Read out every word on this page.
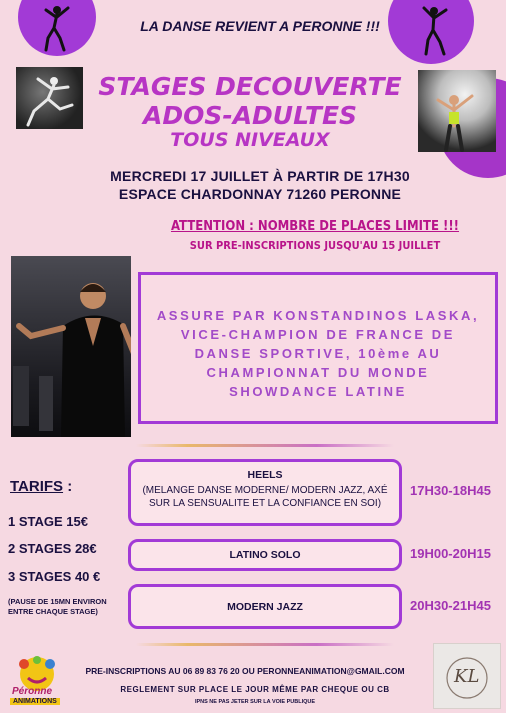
LA DANSE REVIENT A PERONNE !!!
STAGES DECOUVERTE
ADOS-ADULTES
TOUS NIVEAUX
MERCREDI 17 JUILLET À PARTIR DE 17H30
ESPACE CHARDONNAY 71260 PERONNE
ATTENTION : NOMBRE DE PLACES LIMITE !!!
SUR PRE-INSCRIPTIONS JUSQU'AU 15 JUILLET
ASSURE PAR KONSTANDINOS LASKA, VICE-CHAMPION DE FRANCE DE DANSE SPORTIVE, 10ème AU CHAMPIONNAT DU MONDE SHOWDANCE LATINE
TARIFS :
1 STAGE 15€
2 STAGES 28€
3 STAGES 40 €
(PAUSE DE 15MN ENVIRON
ENTRE CHAQUE STAGE)
HEELS
(MELANGE DANSE MODERNE/ MODERN JAZZ, AXÉ
SUR LA SENSUALITE ET LA CONFIANCE EN SOI)
17H30-18H45
LATINO SOLO	19H00-20H15
MODERN JAZZ	20H30-21H45
Péronne
ANIMATIONS
PRE-INSCRIPTIONS AU 06 89 83 76 20 OU PERONNEANIMATION@GMAIL.COM
REGLEMENT SUR PLACE LE JOUR MÊME PAR CHEQUE OU CB
IPNS NE PAS JETER SUR LA VOIE PUBLIQUE
KL
